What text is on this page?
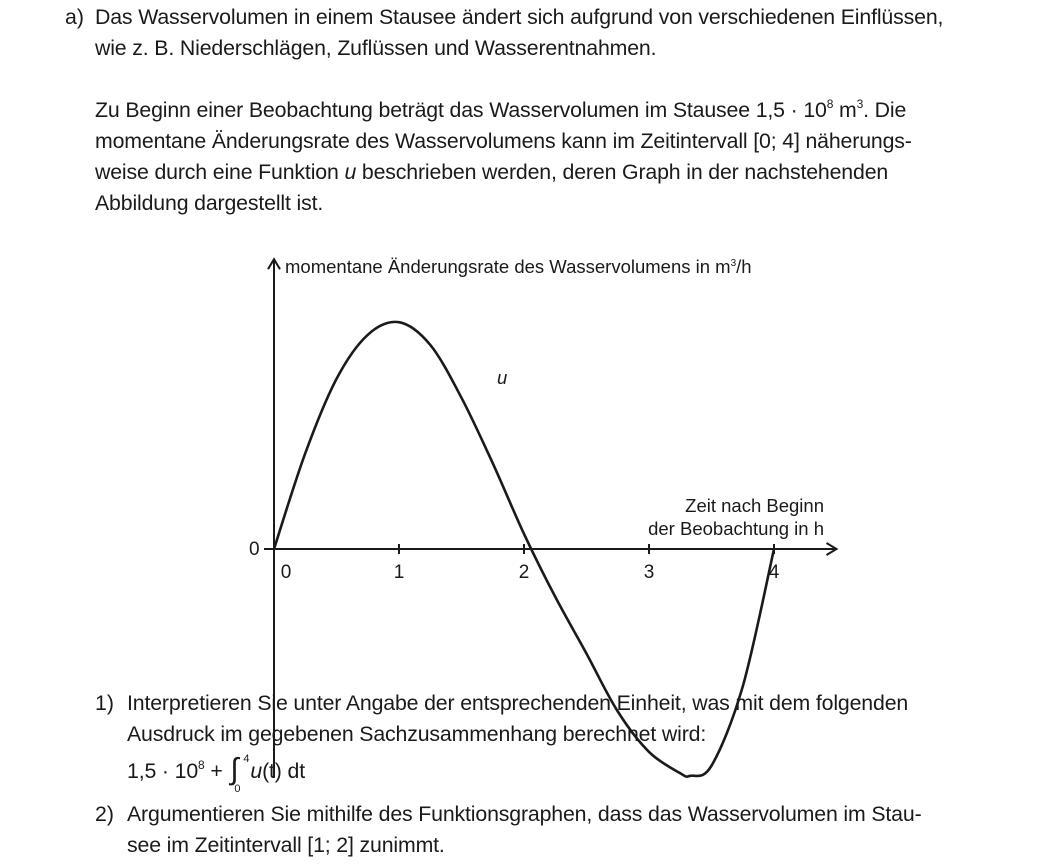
a) Das Wasservolumen in einem Stausee ändert sich aufgrund von verschiedenen Einflüssen,
wie z. B. Niederschlägen, Zuflüssen und Wasserentnahmen.
Zu Beginn einer Beobachtung beträgt das Wasservolumen im Stausee $1,5 \cdot 10^8$ $m^3$. Die
momentane Änderungsrate des Wasservolumens kann im Zeitintervall [0; 4] näherungs-
weise durch eine Funktion u beschrieben werden, deren Graph in der nachstehenden
Abbildung dargestellt ist.
0	1	2	3	4
momentane Änderungsrate des Wasservolumens in $m^3/h$
u
Zeit nach Beginn
der Beobachtung in h
0
1) Interpretieren Sie unter Angabe der entsprechenden Einheit, was mit dem folgenden
Ausdruck im gegebenen Sachzusammenhang berechnet wird:
$1,5 \cdot 10^8$ + ∫ 4
0
u(t) dt
2) Argumentieren Sie mithilfe des Funktionsgraphen, dass das Wasservolumen im Stau-
see im Zeitintervall [1; 2] zunimmt.
